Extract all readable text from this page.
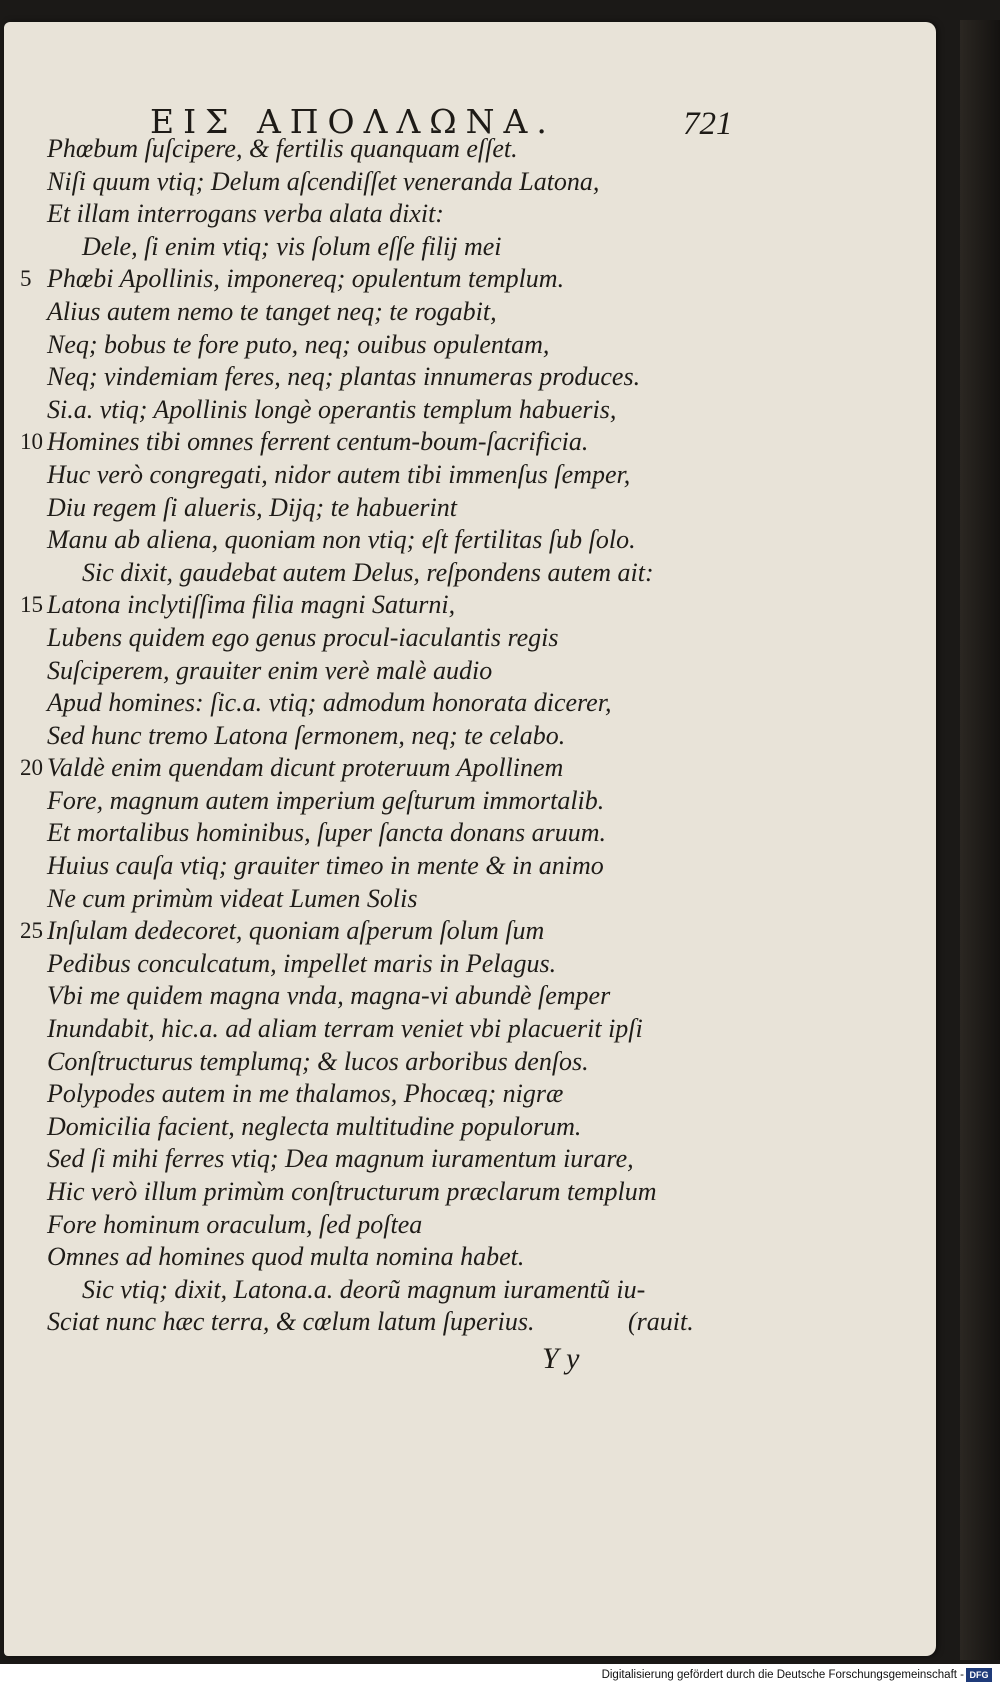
ΕΙΣ ΑΠΟΛΛΩΝΑ.	721
Phœbum ſuſcipere, & fertilis quanquam eſſet.
Niſi quum vtiq; Delum aſcendiſſet veneranda Latona,
Et illam interrogans verba alata dixit:
Dele, ſi enim vtiq; vis ſolum eſſe filij mei
5 Phœbi Apollinis, imponereq; opulentum templum.
Alius autem nemo te tanget neq; te rogabit,
Neq; bobus te fore puto, neq; ouibus opulentam,
Neq; vindemiam feres, neq; plantas innumeras produces.
Si.a. vtiq; Apollinis longè operantis templum habueris,
10 Homines tibi omnes ferrent centum-boum-ſacrificia.
Huc verò congregati, nidor autem tibi immenſus ſemper,
Diu regem ſi alueris, Dijq; te habuerint
Manu ab aliena, quoniam non vtiq; eſt fertilitas ſub ſolo.
Sic dixit, gaudebat autem Delus, reſpondens autem ait:
15 Latona inclytiſſima filia magni Saturni,
Lubens quidem ego genus procul-iaculantis regis
Suſciperem, grauiter enim verè malè audio
Apud homines: ſic.a. vtiq; admodum honorata dicerer,
Sed hunc tremo Latona ſermonem, neq; te celabo.
20 Valdè enim quendam dicunt proteruum Apollinem
Fore, magnum autem imperium geſturum immortalib.
Et mortalibus hominibus, ſuper ſancta donans aruum.
Huius cauſa vtiq; grauiter timeo in mente & in animo
Ne cum primùm videat Lumen Solis
25 Inſulam dedecoret, quoniam aſperum ſolum ſum
Pedibus conculcatum, impellet maris in Pelagus.
Vbi me quidem magna vnda, magna-vi abundè ſemper
Inundabit, hic.a. ad aliam terram veniet vbi placuerit ipſi
Conſtructurus templumq; & lucos arboribus denſos.
Polypodes autem in me thalamos, Phocæq; nigræ
Domicilia facient, neglecta multitudine populorum.
Sed ſi mihi ferres vtiq; Dea magnum iuramentum iurare,
Hic verò illum primùm conſtructurum præclarum templum
Fore hominum oraculum, ſed poſtea
Omnes ad homines quod multa nomina habet.
Sic vtiq; dixit, Latona.a. deorũ magnum iuramentũ iu-
Sciat nunc hæc terra, & cœlum latum ſuperius.	(rauit.
Y y
Digitalisierung gefördert durch die Deutsche Forschungsgemeinschaft - DFG
